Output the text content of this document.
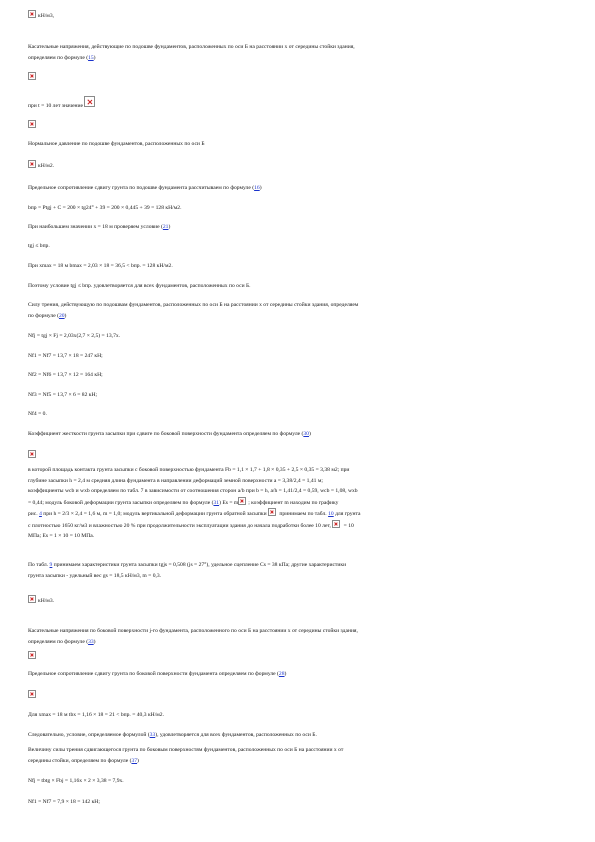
кН/м3,
Касательные напряжения, действующие по подошве фундаментов, расположенных по оси Б на расстоянии x от середины стойки здания,
определяем по формуле (15)
при t = 10 лет значение
Нормальное давление по подошве фундаментов, расположенных по оси Б
кН/м2.
Предельное сопротивление сдвигу грунта по подошве фундамента рассчитываем по формуле (16)
bпр = Ptgj + C = 200 × tg24° + 39 = 200 × 0,445 + 39 = 128 кН/м2.
При наибольшем значении x = 18 м проверяем условие (21)
tgj ≤ bпр.
При xmax = 18 м bmax = 2,03 × 18 = 36,5 < bпр. = 128 кН/м2.
Поэтому условие tgj ≤ bпр. удовлетворяется для всех фундаментов, расположенных по оси Б.
Силу трения, действующую по подошвам фундаментов, расположенных по оси Б на расстоянии x от середины стойки здания, определяем
по формуле (20)
Nfj = tgj × Fj = 2,03x(2,7 × 2,5) = 13,7x.
Nf1 = Nf7 = 13,7 × 18 = 247 кН;
Nf2 = Nf6 = 13,7 × 12 = 164 кН;
Nf3 = Nf5 = 13,7 × 6 = 82 кН;
Nf4 = 0.
Коэффициент жесткости грунта засыпки при сдвиге по боковой поверхности фундамента определяем по формуле (30)
в которой площадь контакта грунта засыпки с боковой поверхностью фундамента Fb = 1,1 × 1,7 + 1,8 × 0,35 + 2,5 × 0,35 = 3,38 м2; при
глубине засыпки h = 2,4 м средняя длина фундамента в направлении деформаций земной поверхности a = 3,38/2,4 = 1,41 м;
коэффициенты wcb и wxb определяем по табл. 7 в зависимости от соотношения сторон a/b при b = h, a/h = 1,41/2,4 = 0,59, wcb = 1,08, wxb
= 0,44; модуль боковой деформации грунта засыпки определяем по формуле (31) Es = m ; коэффициент m находим по графику
рис. 4 при h = 2/3 × 2,4 = 1,6 м, m = 1,0; модуль вертикальной деформации грунта обратной засыпки  принимаем по табл. 10 для грунта
с плотностью 1650 кг/м3 и влажностью 20 % при продолжительности эксплуатации здания до начала подработки более 10 лет,  = 10
МПа; Es = 1 × 10 = 10 МПа.
По табл. 9 принимаем характеристики грунта засыпки tgjs = 0,508 (js = 27°), удельное сцепление Cs = 38 кПа; другие характеристики
грунта засыпки - удельный вес gs = 18,5 кН/м3, m = 0,3.
кН/м3.
Касательные напряжения по боковой поверхности j-го фундамента, расположенного по оси Б на расстоянии x от середины стойки здания,
определяем по формуле (33)
Предельное сопротивление сдвигу грунта по боковой поверхности фундамента определяем по формуле (28)
Для xmax = 18 м tbx = 1,16 × 18 = 21 < bпр. = 40,3 кН/м2.
Следовательно, условие, определяемое формулой (33), удовлетворяется для всех фундаментов, расположенных по оси Б.
Величину силы трения сдвигающегося грунта по боковым поверхностям фундаментов, расположенных по оси Б на расстоянии x от
середины стойки, определяем по формуле (37)
Nfj = tbtg × Fbj = 1,16x × 2 × 3,38 = 7,9x.
Nf1 = Nf7 = 7,9 × 18 = 142 кН;
